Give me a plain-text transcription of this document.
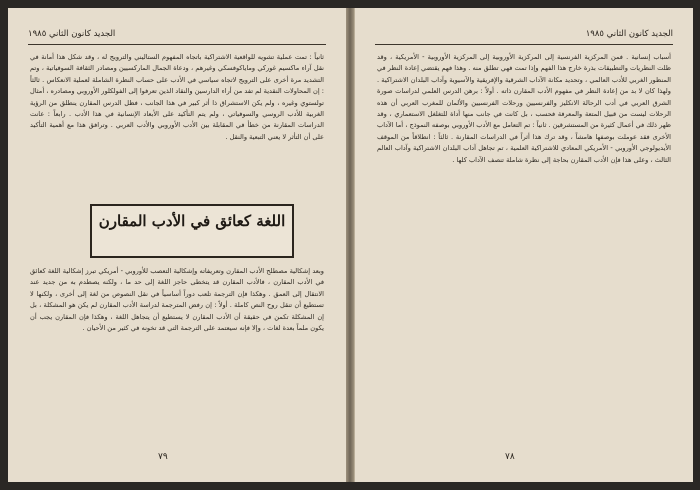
الجديد كانون الثاني ١٩٨٥
ثانياً : تمت عملية تشويه للواقعية الاشتراكية باتجاه المفهوم الستاليني والترويج له ، وقد شكل هذا أمانة في نقل آراء ماكسيم غوركي وماياكوفسكي وغيرهم ، ودعاة الجمال الماركسيين ومصادر الثقافة السوفياتية ، وتم التشديد مرة أخرى على الترويج لاتجاه سياسي في الأدب على حساب النظرة الشاملة لعملية الانعكاس . ثالثاً : إن المحاولات النقدية لم تفد من أراء الدارسين والنقاد الذين تعرفوا إلى الفولكلور الأوروبي ومصادره ، أمثال تولستوي وغيره ، ولم يكن الاستشراق ذا أثر كبير في هذا الجانب ، فظل الدرس المقارن ينطلق من الرؤية الغربية للأدب الروسي والسوفياتي ، ولم يتم التأكيد على الأبعاد الإنسانية في هذا الأدب . رابعاً : عانت الدراسات المقارنة من خطأ في المقابلة بين الأدب الأوروبي والأدب العربي . وترافق هذا مع أهمية التأكيد على أن التأثر لا يعني التبعية والنقل .
اللغة كعائق في الأدب المقارن
وبعد إشكالية مصطلح الأدب المقارن وتعريفاته وإشكالية التعصب للأوروبي - أمريكي تبرز إشكالية اللغة كعائق في الأدب المقارن ، فالأدب المقارن قد يتخطى حاجز اللغة إلى حد ما ، ولكنه يصطدم به من جديد عند الانتقال إلى العمق . وهكذا فإن الترجمة تلعب دوراً أساسياً في نقل النصوص من لغة إلى أخرى ، ولكنها لا تستطيع أن تنقل روح النص كاملة . أولاً : إن رفض المترجمة لدراسة الأدب المقارن لم يكن هو المشكلة ، بل إن المشكلة تكمن في حقيقة أن الأدب المقارن لا يستطيع أن يتجاهل اللغة ، وهكذا فإن المقارن يجب أن يكون ملماً بعدة لغات ، وإلا فإنه سيعتمد على الترجمة التي قد تخونه في كثير من الأحيان .
٧٩
الجديد كانون الثاني ١٩٨٥
أسباب إنسانية . فمن المركزية الفرنسية إلى المركزية الأوروبية إلى المركزية الأوروبية - الأمريكية ، وقد ظلت النظريات والتطبيقات بذرة خارج هذا الفهم وإذا تمت فهي تطلق منه . وهذا فهم يقتضي إعادة النظر في المنظور الغربي للأدب العالمي ، وتحديد مكانة الآداب الشرقية والإفريقية والآسيوية وآداب البلدان الاشتراكية . ولهذا كان لا بد من إعادة النظر في مفهوم الأدب المقارن ذاته . أولاً : برهن الدرس العلمي لدراسات صورة الشرق العربي في أدب الرحالة الانكليز والفرنسيين ورحلات الفرنسيين والألمان للمغرب العربي أن هذه الرحلات ليست من قبيل المتعة والمعرفة فحسب ، بل كانت في جانب منها أداة للتغلغل الاستعماري ، وقد ظهر ذلك في أعمال كثيرة من المستشرقين . ثانياً : تم التعامل مع الأدب الأوروبي بوصفه النموذج ، أما الآداب الأخرى فقد عوملت بوصفها هامشاً ، وقد ترك هذا أثراً في الدراسات المقارنة . ثالثاً : انطلاقاً من الموقف الأيديولوجي الأوروبي - الأمريكي المعادي للاشتراكية العلمية ، تم تجاهل آداب البلدان الاشتراكية وآداب العالم الثالث ، وعلى هذا فإن الأدب المقارن بحاجة إلى نظرة شاملة تنصف الآداب كلها .
٧٨
